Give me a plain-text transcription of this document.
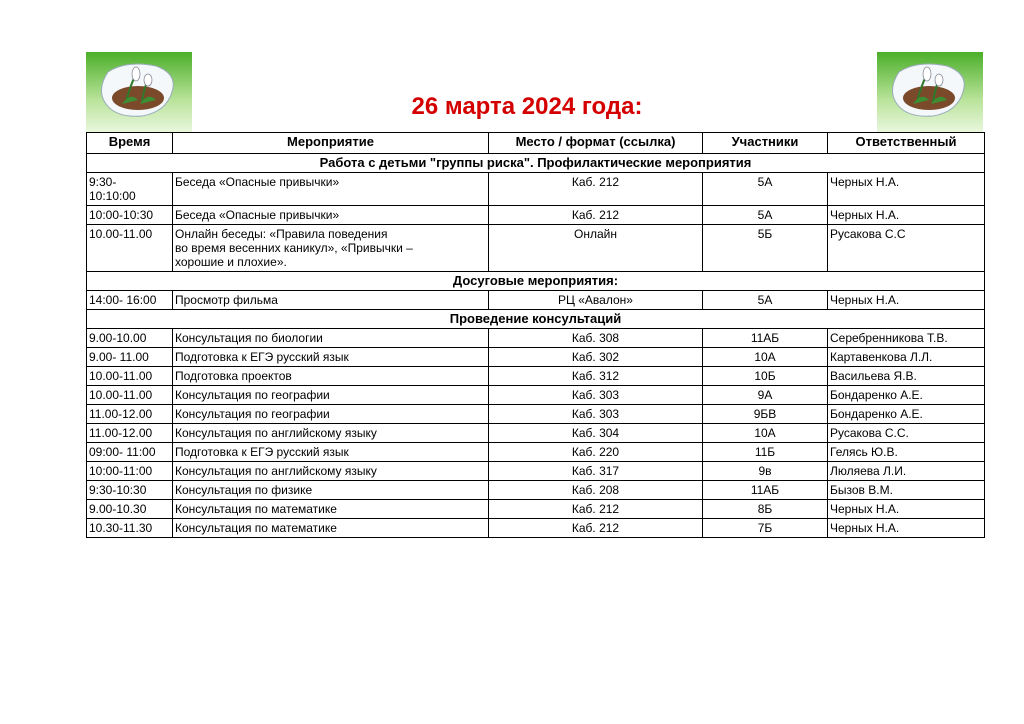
26 марта 2024 года:
Время	Мероприятие	Место / формат (ссылка)	Участники	Ответственный
Работа с детьми "группы риска". Профилактические мероприятия				
9:30-
10:10:00	Беседа «Опасные привычки»	Каб. 212	5А	Черных Н.А.
10:00-10:30	Беседа «Опасные привычки»	Каб. 212	5А	Черных Н.А.
10.00-11.00	Онлайн беседы: «Правила поведения
во время весенних каникул», «Привычки –
хорошие и плохие».	Онлайн	5Б	Русакова С.С
Досуговые мероприятия:				
14:00- 16:00	Просмотр фильма	РЦ «Авалон»	5А	Черных Н.А.
Проведение консультаций				
9.00-10.00	Консультация по биологии	Каб. 308	11АБ	Серебренникова Т.В.
9.00- 11.00	Подготовка к ЕГЭ русский язык	Каб. 302	10А	Картавенкова Л.Л.
10.00-11.00	Подготовка проектов	Каб. 312	10Б	Васильева Я.В.
10.00-11.00	Консультация по географии	Каб. 303	9А	Бондаренко А.Е.
11.00-12.00	Консультация по географии	Каб. 303	9БВ	Бондаренко А.Е.
11.00-12.00	Консультация по английскому языку	Каб. 304	10А	Русакова С.С.
09:00- 11:00	Подготовка к ЕГЭ русский язык	Каб. 220	11Б	Гелясь Ю.В.
10:00-11:00	Консультация по английскому языку	Каб. 317	9в	Люляева Л.И.
9:30-10:30	Консультация по физике	Каб. 208	11АБ	Бызов В.М.
9.00-10.30	Консультация по математике	Каб. 212	8Б	Черных Н.А.
10.30-11.30	Консультация по математике	Каб. 212	7Б	Черных Н.А.
